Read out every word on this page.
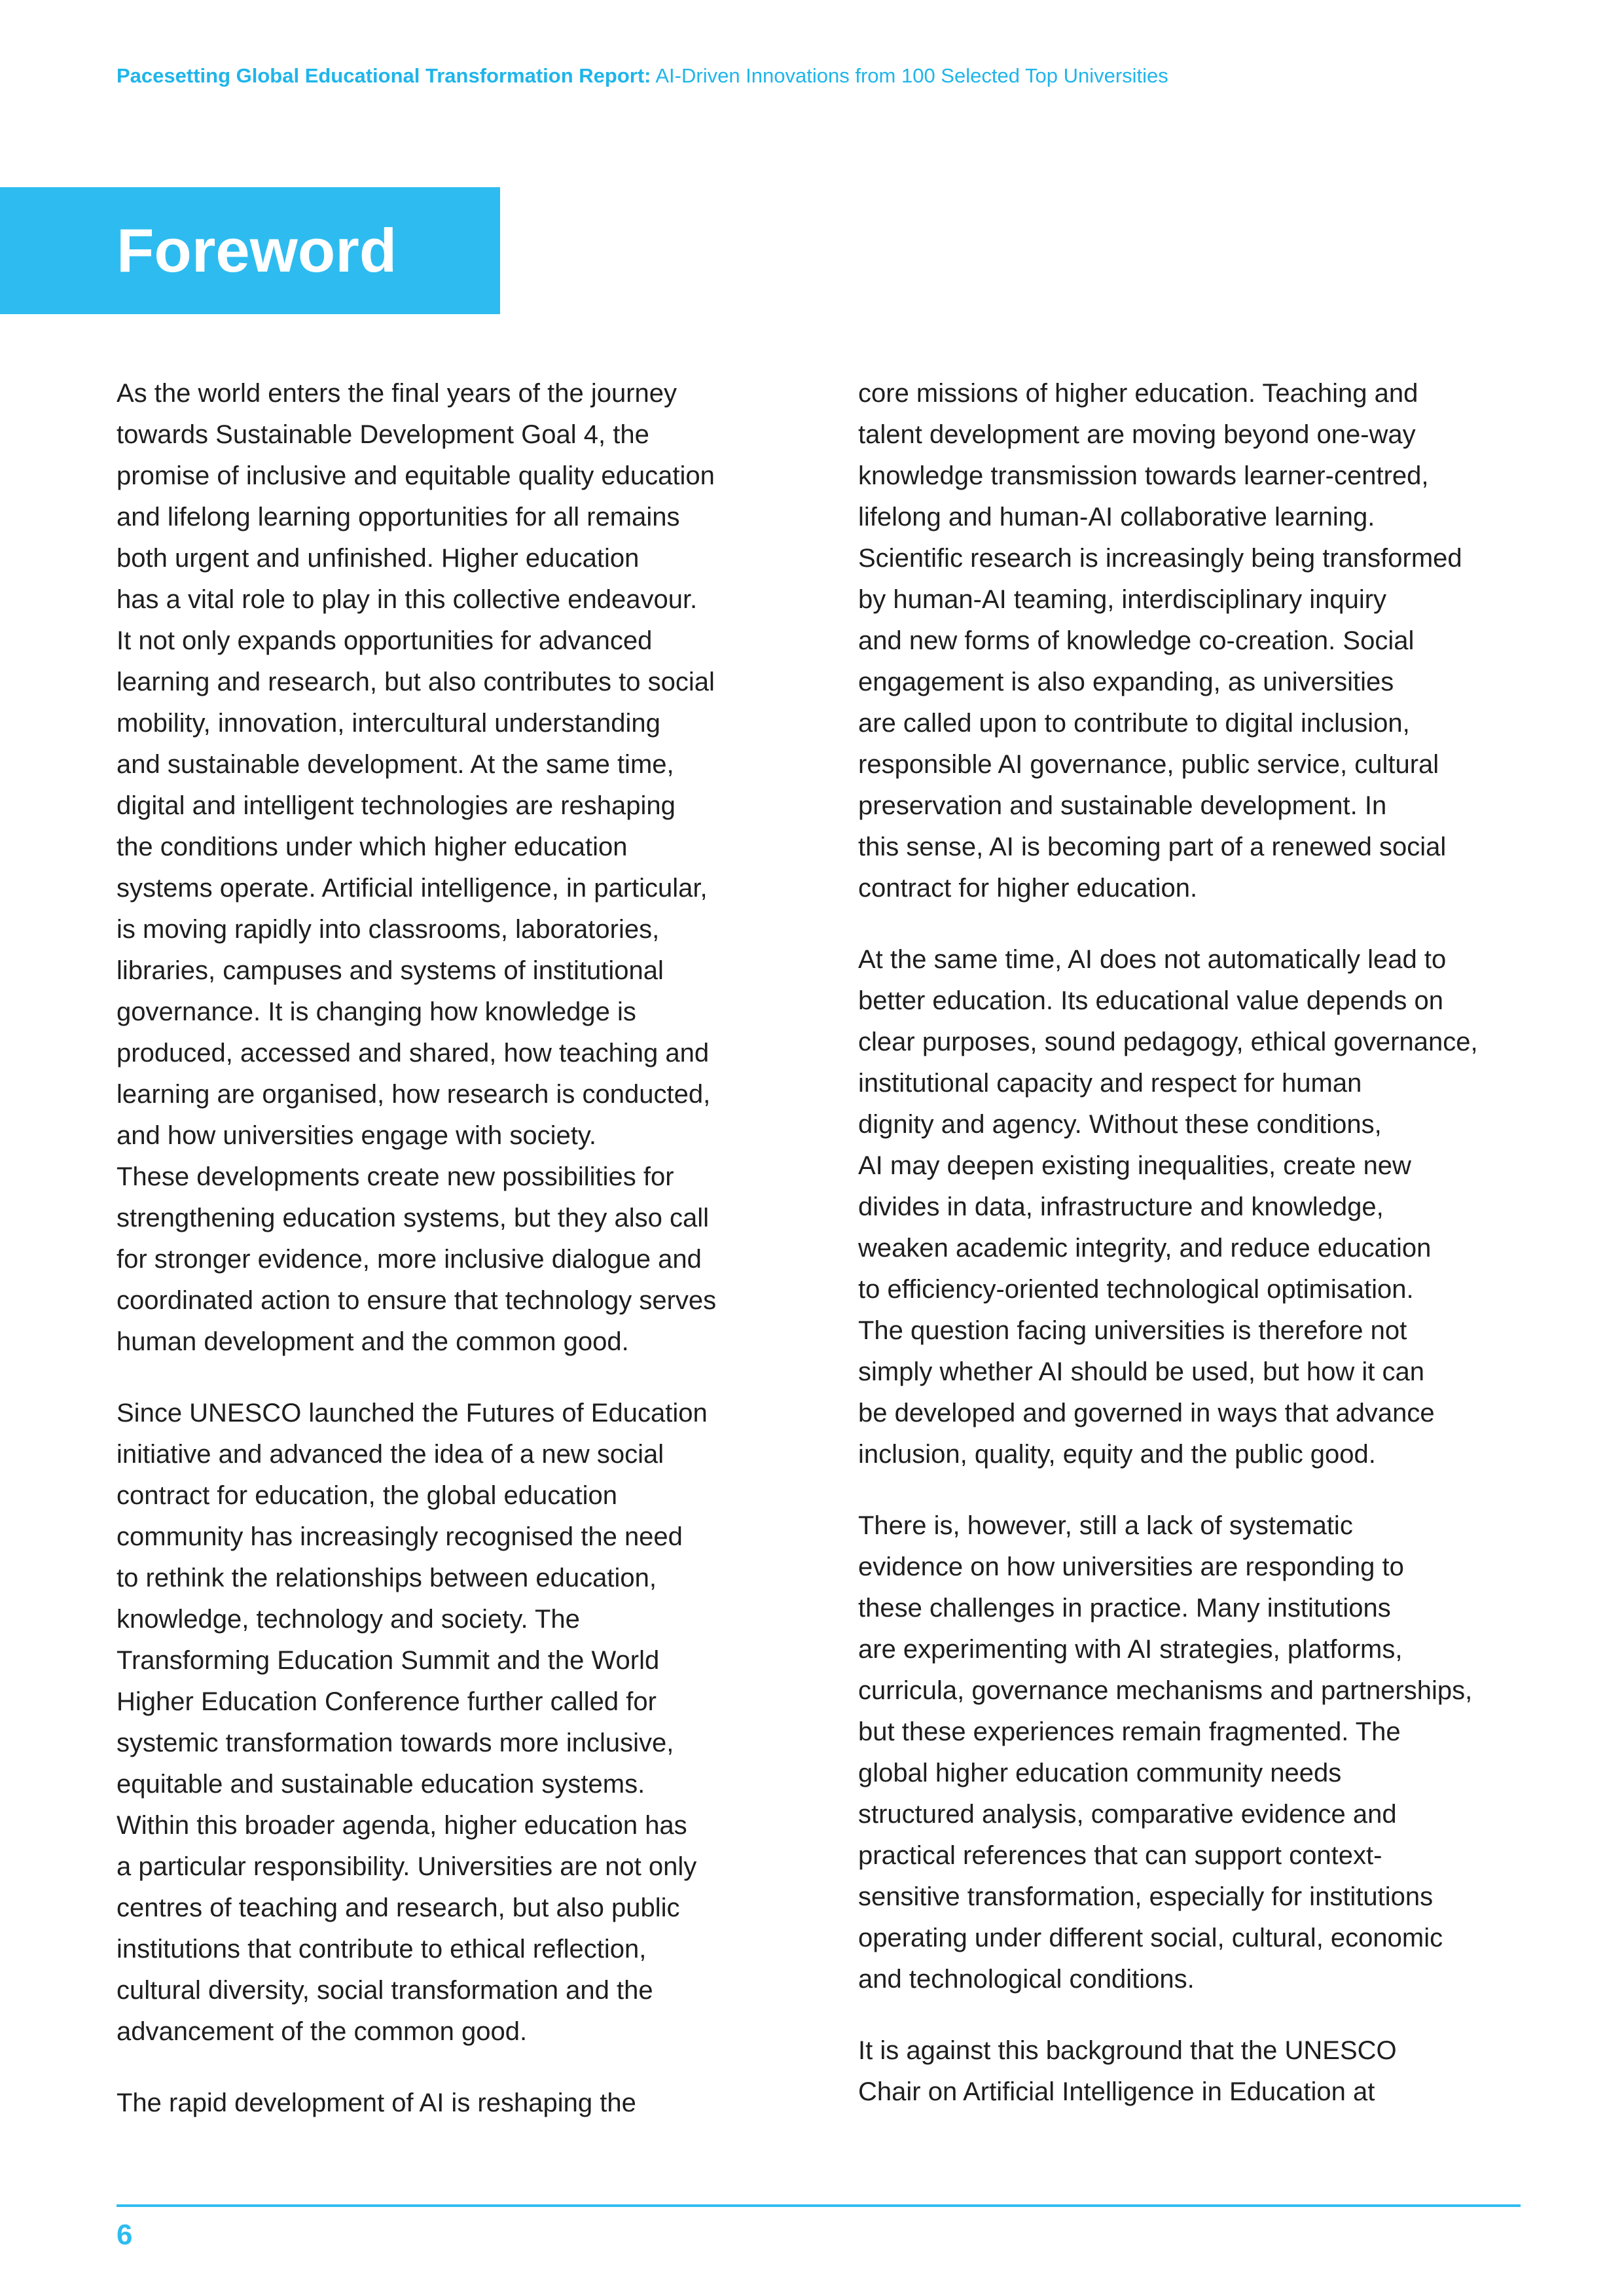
Pacesetting Global Educational Transformation Report: AI-Driven Innovations from 100 Selected Top Universities
Foreword

As the world enters the final years of the journey
towards Sustainable Development Goal 4, the
promise of inclusive and equitable quality education
and lifelong learning opportunities for all remains
both urgent and unfinished. Higher education
has a vital role to play in this collective endeavour.
It not only expands opportunities for advanced
learning and research, but also contributes to social
mobility, innovation, intercultural understanding
and sustainable development. At the same time,
digital and intelligent technologies are reshaping
the conditions under which higher education
systems operate. Artificial intelligence, in particular,
is moving rapidly into classrooms, laboratories,
libraries, campuses and systems of institutional
governance. It is changing how knowledge is
produced, accessed and shared, how teaching and
learning are organised, how research is conducted,
and how universities engage with society.
These developments create new possibilities for
strengthening education systems, but they also call
for stronger evidence, more inclusive dialogue and
coordinated action to ensure that technology serves
human development and the common good.

Since UNESCO launched the Futures of Education
initiative and advanced the idea of a new social
contract for education, the global education
community has increasingly recognised the need
to rethink the relationships between education,
knowledge, technology and society. The
Transforming Education Summit and the World
Higher Education Conference further called for
systemic transformation towards more inclusive,
equitable and sustainable education systems.
Within this broader agenda, higher education has
a particular responsibility. Universities are not only
centres of teaching and research, but also public
institutions that contribute to ethical reflection,
cultural diversity, social transformation and the
advancement of the common good.

The rapid development of AI is reshaping the

core missions of higher education. Teaching and
talent development are moving beyond one-way
knowledge transmission towards learner-centred,
lifelong and human-AI collaborative learning.
Scientific research is increasingly being transformed
by human-AI teaming, interdisciplinary inquiry
and new forms of knowledge co-creation. Social
engagement is also expanding, as universities
are called upon to contribute to digital inclusion,
responsible AI governance, public service, cultural
preservation and sustainable development. In
this sense, AI is becoming part of a renewed social
contract for higher education.

At the same time, AI does not automatically lead to
better education. Its educational value depends on
clear purposes, sound pedagogy, ethical governance,
institutional capacity and respect for human
dignity and agency. Without these conditions,
AI may deepen existing inequalities, create new
divides in data, infrastructure and knowledge,
weaken academic integrity, and reduce education
to efficiency-oriented technological optimisation.
The question facing universities is therefore not
simply whether AI should be used, but how it can
be developed and governed in ways that advance
inclusion, quality, equity and the public good.

There is, however, still a lack of systematic
evidence on how universities are responding to
these challenges in practice. Many institutions
are experimenting with AI strategies, platforms,
curricula, governance mechanisms and partnerships,
but these experiences remain fragmented. The
global higher education community needs
structured analysis, comparative evidence and
practical references that can support context-
sensitive transformation, especially for institutions
operating under different social, cultural, economic
and technological conditions.

It is against this background that the UNESCO
Chair on Artificial Intelligence in Education at

6
